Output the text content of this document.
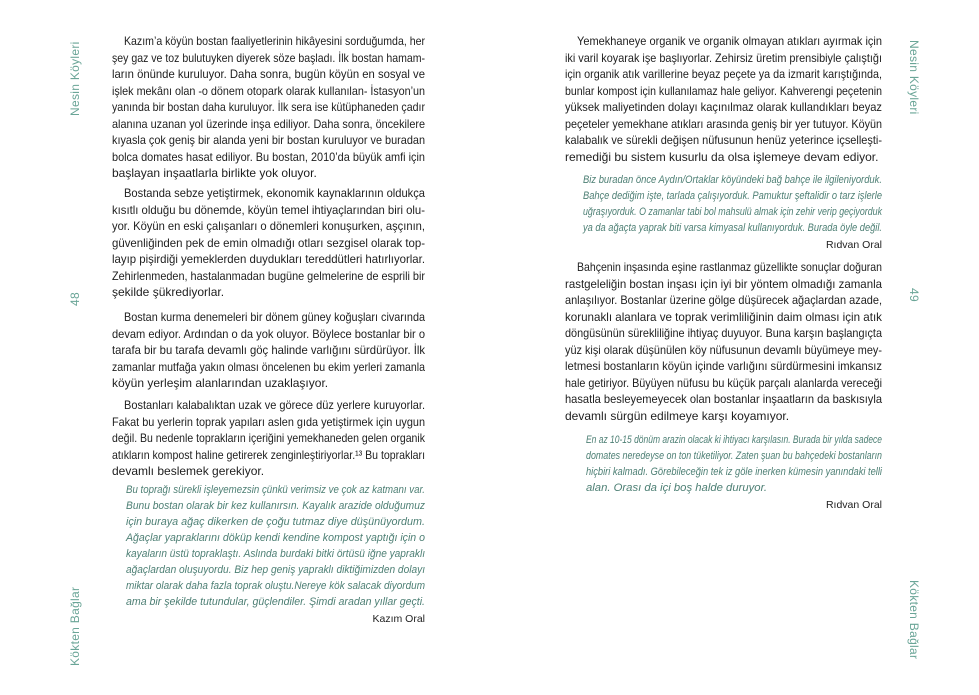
Nesin Köyleri
48
Kökten Bağlar
Kazım’a köyün bostan faaliyetlerinin hikâyesini sorduğumda, her
şey gaz ve toz bulutuyken diyerek söze başladı. İlk bostan hamam-
ların önünde kuruluyor. Daha sonra, bugün köyün en sosyal ve
işlek mekânı olan -o dönem otopark olarak kullanılan- İstasyon’un
yanında bir bostan daha kuruluyor. İlk sera ise kütüphaneden çadır
alanına uzanan yol üzerinde inşa ediliyor. Daha sonra, öncekilere
kıyasla çok geniş bir alanda yeni bir bostan kuruluyor ve buradan
bolca domates hasat ediliyor. Bu bostan, 2010’da büyük amfi için
başlayan inşaatlarla birlikte yok oluyor.
Bostanda sebze yetiştirmek, ekonomik kaynaklarının oldukça
kısıtlı olduğu bu dönemde, köyün temel ihtiyaçlarından biri olu-
yor. Köyün en eski çalışanları o dönemleri konuşurken, aşçının,
güvenliğinden pek de emin olmadığı otları sezgisel olarak top-
layıp pişirdiği yemeklerden duydukları tereddütleri hatırlıyorlar.
Zehirlenmeden, hastalanmadan bugüne gelmelerine de esprili bir
şekilde şükrediyorlar.
Bostan kurma denemeleri bir dönem güney koğuşları civarında
devam ediyor. Ardından o da yok oluyor. Böylece bostanlar bir o
tarafa bir bu tarafa devamlı göç halinde varlığını sürdürüyor. İlk
zamanlar mutfağa yakın olması öncelenen bu ekim yerleri zamanla
köyün yerleşim alanlarından uzaklaşıyor.
Bostanları kalabalıktan uzak ve görece düz yerlere kuruyorlar.
Fakat bu yerlerin toprak yapıları aslen gıda yetiştirmek için uygun
değil. Bu nedenle toprakların içeriğini yemekhaneden gelen organik
atıkların kompost haline getirerek zenginleştiriyorlar.¹³ Bu toprakları
devamlı beslemek gerekiyor.
Bu toprağı sürekli işleyemezsin çünkü verimsiz ve çok az katmanı var.
Bunu bostan olarak bir kez kullanırsın. Kayalık arazide olduğumuz
için buraya ağaç dikerken de çoğu tutmaz diye düşünüyordum.
Ağaçlar yapraklarını döküp kendi kendine kompost yaptığı için o
kayaların üstü topraklaştı. Aslında burdaki bitki örtüsü iğne yapraklı
ağaçlardan oluşuyordu. Biz hep geniş yapraklı diktiğimizden dolayı
miktar olarak daha fazla toprak oluştu.Nereye kök salacak diyordum
ama bir şekilde tutundular, güçlendiler. Şimdi aradan yıllar geçti.
Kazım Oral
Nesin Köyleri
49
Kökten Bağlar
Yemekhaneye organik ve organik olmayan atıkları ayırmak için
iki varil koyarak işe başlıyorlar. Zehirsiz üretim prensibiyle çalıştığı
için organik atık varillerine beyaz peçete ya da izmarit karıştığında,
bunlar kompost için kullanılamaz hale geliyor. Kahverengi peçetenin
yüksek maliyetinden dolayı kaçınılmaz olarak kullandıkları beyaz
peçeteler yemekhane atıkları arasında geniş bir yer tutuyor. Köyün
kalabalık ve sürekli değişen nüfusunun henüz yeterince içselleşti-
remediği bu sistem kusurlu da olsa işlemeye devam ediyor.
Biz buradan önce Aydın/Ortaklar köyündeki bağ bahçe ile ilgileniyorduk.
Bahçe dediğim işte, tarlada çalışıyorduk. Pamuktur şeftalidir o tarz işlerle
uğraşıyorduk. O zamanlar tabi bol mahsulü almak için zehir verip geçiyorduk
ya da ağaçta yaprak biti varsa kimyasal kullanıyorduk. Burada öyle değil.
Rıdvan Oral
Bahçenin inşasında eşine rastlanmaz güzellikte sonuçlar doğuran
rastgeleliğin bostan inşası için iyi bir yöntem olmadığı zamanla
anlaşılıyor. Bostanlar üzerine gölge düşürecek ağaçlardan azade,
korunaklı alanlara ve toprak verimliliğinin daim olması için atık
döngüsünün sürekliliğine ihtiyaç duyuyor. Buna karşın başlangıçta
yüz kişi olarak düşünülen köy nüfusunun devamlı büyümeye mey-
letmesi bostanların köyün içinde varlığını sürdürmesini imkansız
hale getiriyor. Büyüyen nüfusu bu küçük parçalı alanlarda vereceği
hasatla besleyemeyecek olan bostanlar inşaatların da baskısıyla
devamlı sürgün edilmeye karşı koyamıyor.
En az 10-15 dönüm arazin olacak ki ihtiyacı karşılasın. Burada bir yılda sadece
domates neredeyse on ton tüketiliyor. Zaten şuan bu bahçedeki bostanların
hiçbiri kalmadı. Görebileceğin tek iz göle inerken kümesin yanındaki telli
alan. Orası da içi boş halde duruyor.
Rıdvan Oral
